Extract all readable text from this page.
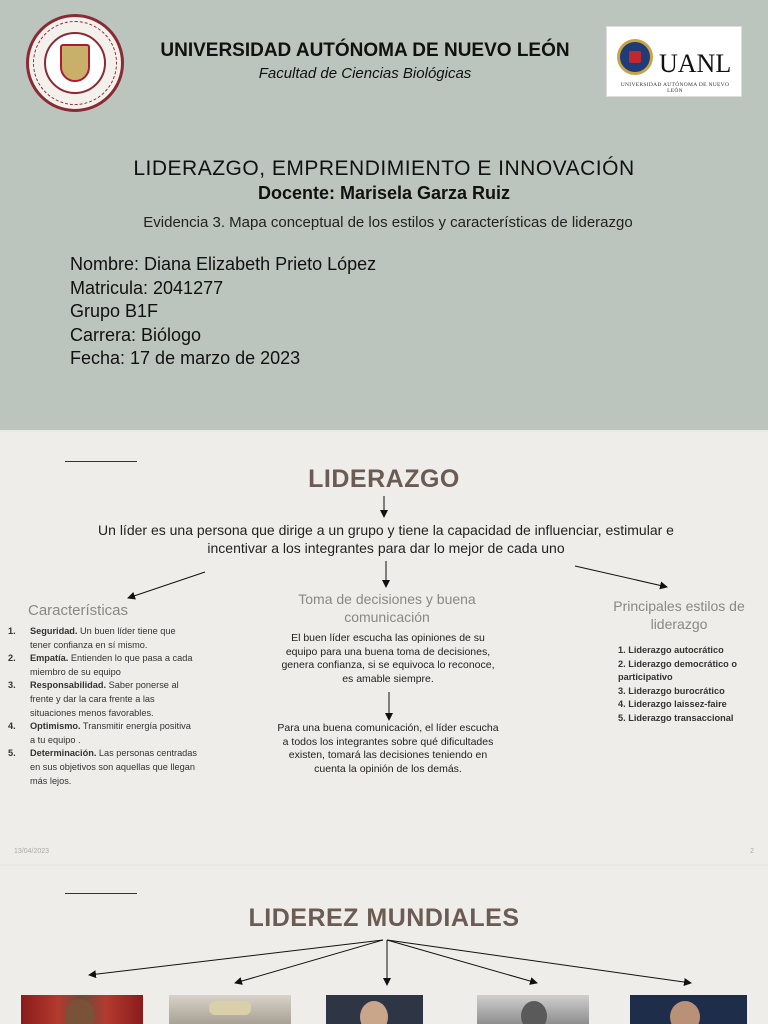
UNIVERSIDAD AUTÓNOMA DE NUEVO LEÓN
Facultad de Ciencias Biológicas	UANL
UNIVERSIDAD AUTÓNOMA DE NUEVO LEÓN
LIDERAZGO, EMPRENDIMIENTO E INNOVACIÓN
Docente: Marisela Garza Ruiz
Evidencia 3. Mapa conceptual de los estilos y características de liderazgo
Nombre: Diana Elizabeth Prieto López
Matricula: 2041277
Grupo B1F
Carrera: Biólogo
Fecha: 17 de marzo de 2023
LIDERAZGO
Un líder es una persona que dirige a un grupo y tiene la capacidad de influenciar, estimular e incentivar a los integrantes para dar lo mejor de cada uno
Características
1. Seguridad. Un buen líder tiene que tener confianza en sí mismo.
2. Empatía. Entienden lo que pasa a cada miembro de su equipo
3. Responsabilidad. Saber ponerse al frente y dar la cara frente a las situaciones menos favorables.
4. Optimismo. Transmitir energía positiva a tu equipo .
5. Determinación. Las personas centradas en sus objetivos son aquellas que llegan más lejos.
Toma de decisiones y buena comunicación
El buen líder escucha las opiniones de su equipo para una buena toma de decisiones, genera confianza, si se equivoca lo reconoce, es amable siempre.
Para una buena comunicación, el líder escucha a todos los integrantes sobre qué dificultades existen, tomará las decisiones teniendo en cuenta la opinión de los demás.
Principales estilos de liderazgo
1. Liderazgo autocrático
2. Liderazgo democrático o participativo
3. Liderazgo burocrático
4. Liderazgo laissez-faire
5. Liderazgo transaccional
13/04/2023	2
LIDEREZ MUNDIALES
